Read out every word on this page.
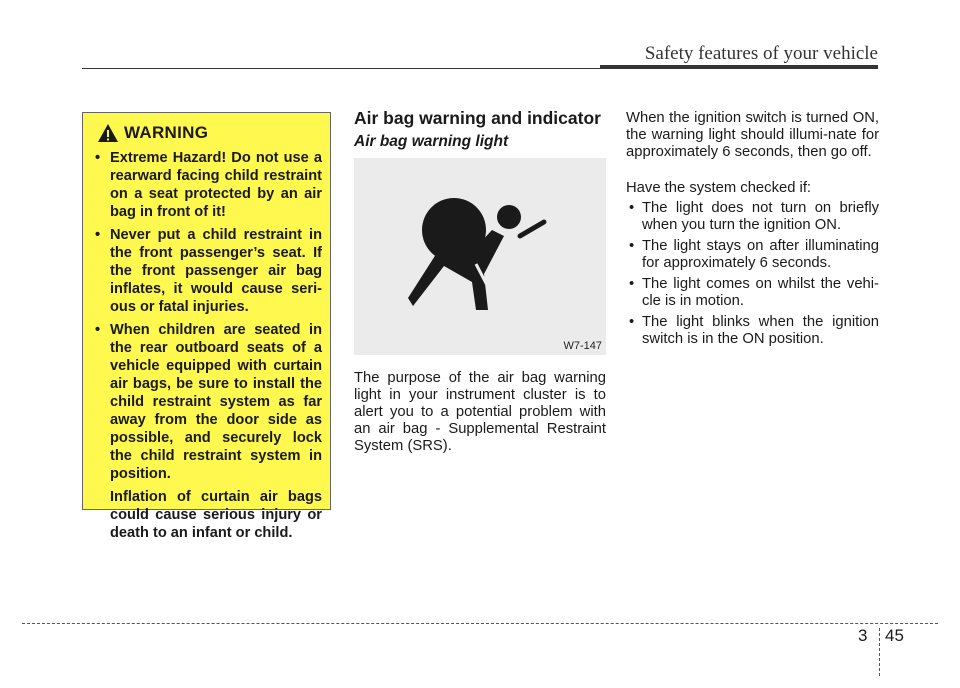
Safety features of your vehicle
WARNING
• Extreme Hazard! Do not use a rearward facing child restraint on a seat protected by an air bag in front of it!
• Never put a child restraint in the front passenger’s seat. If the front passenger air bag inflates, it would cause seri-ous or fatal injuries.
• When children are seated in the rear outboard seats of a vehicle equipped with curtain air bags, be sure to install the child restraint system as far away from the door side as possible, and securely lock the child restraint system in position.
Inflation of curtain air bags could cause serious injury or death to an infant or child.
Air bag warning and indicator
Air bag warning light
W7-147

The purpose of the air bag warning light in your instrument cluster is to alert you to a potential problem with an air bag - Supplemental Restraint System (SRS).

When the ignition switch is turned ON, the warning light should illumi-nate for approximately 6 seconds, then go off.

Have the system checked if:

• The light does not turn on briefly when you turn the ignition ON.
• The light stays on after illuminating for approximately 6 seconds.
• The light comes on whilst the vehi-cle is in motion.
• The light blinks when the ignition switch is in the ON position.
3 45
